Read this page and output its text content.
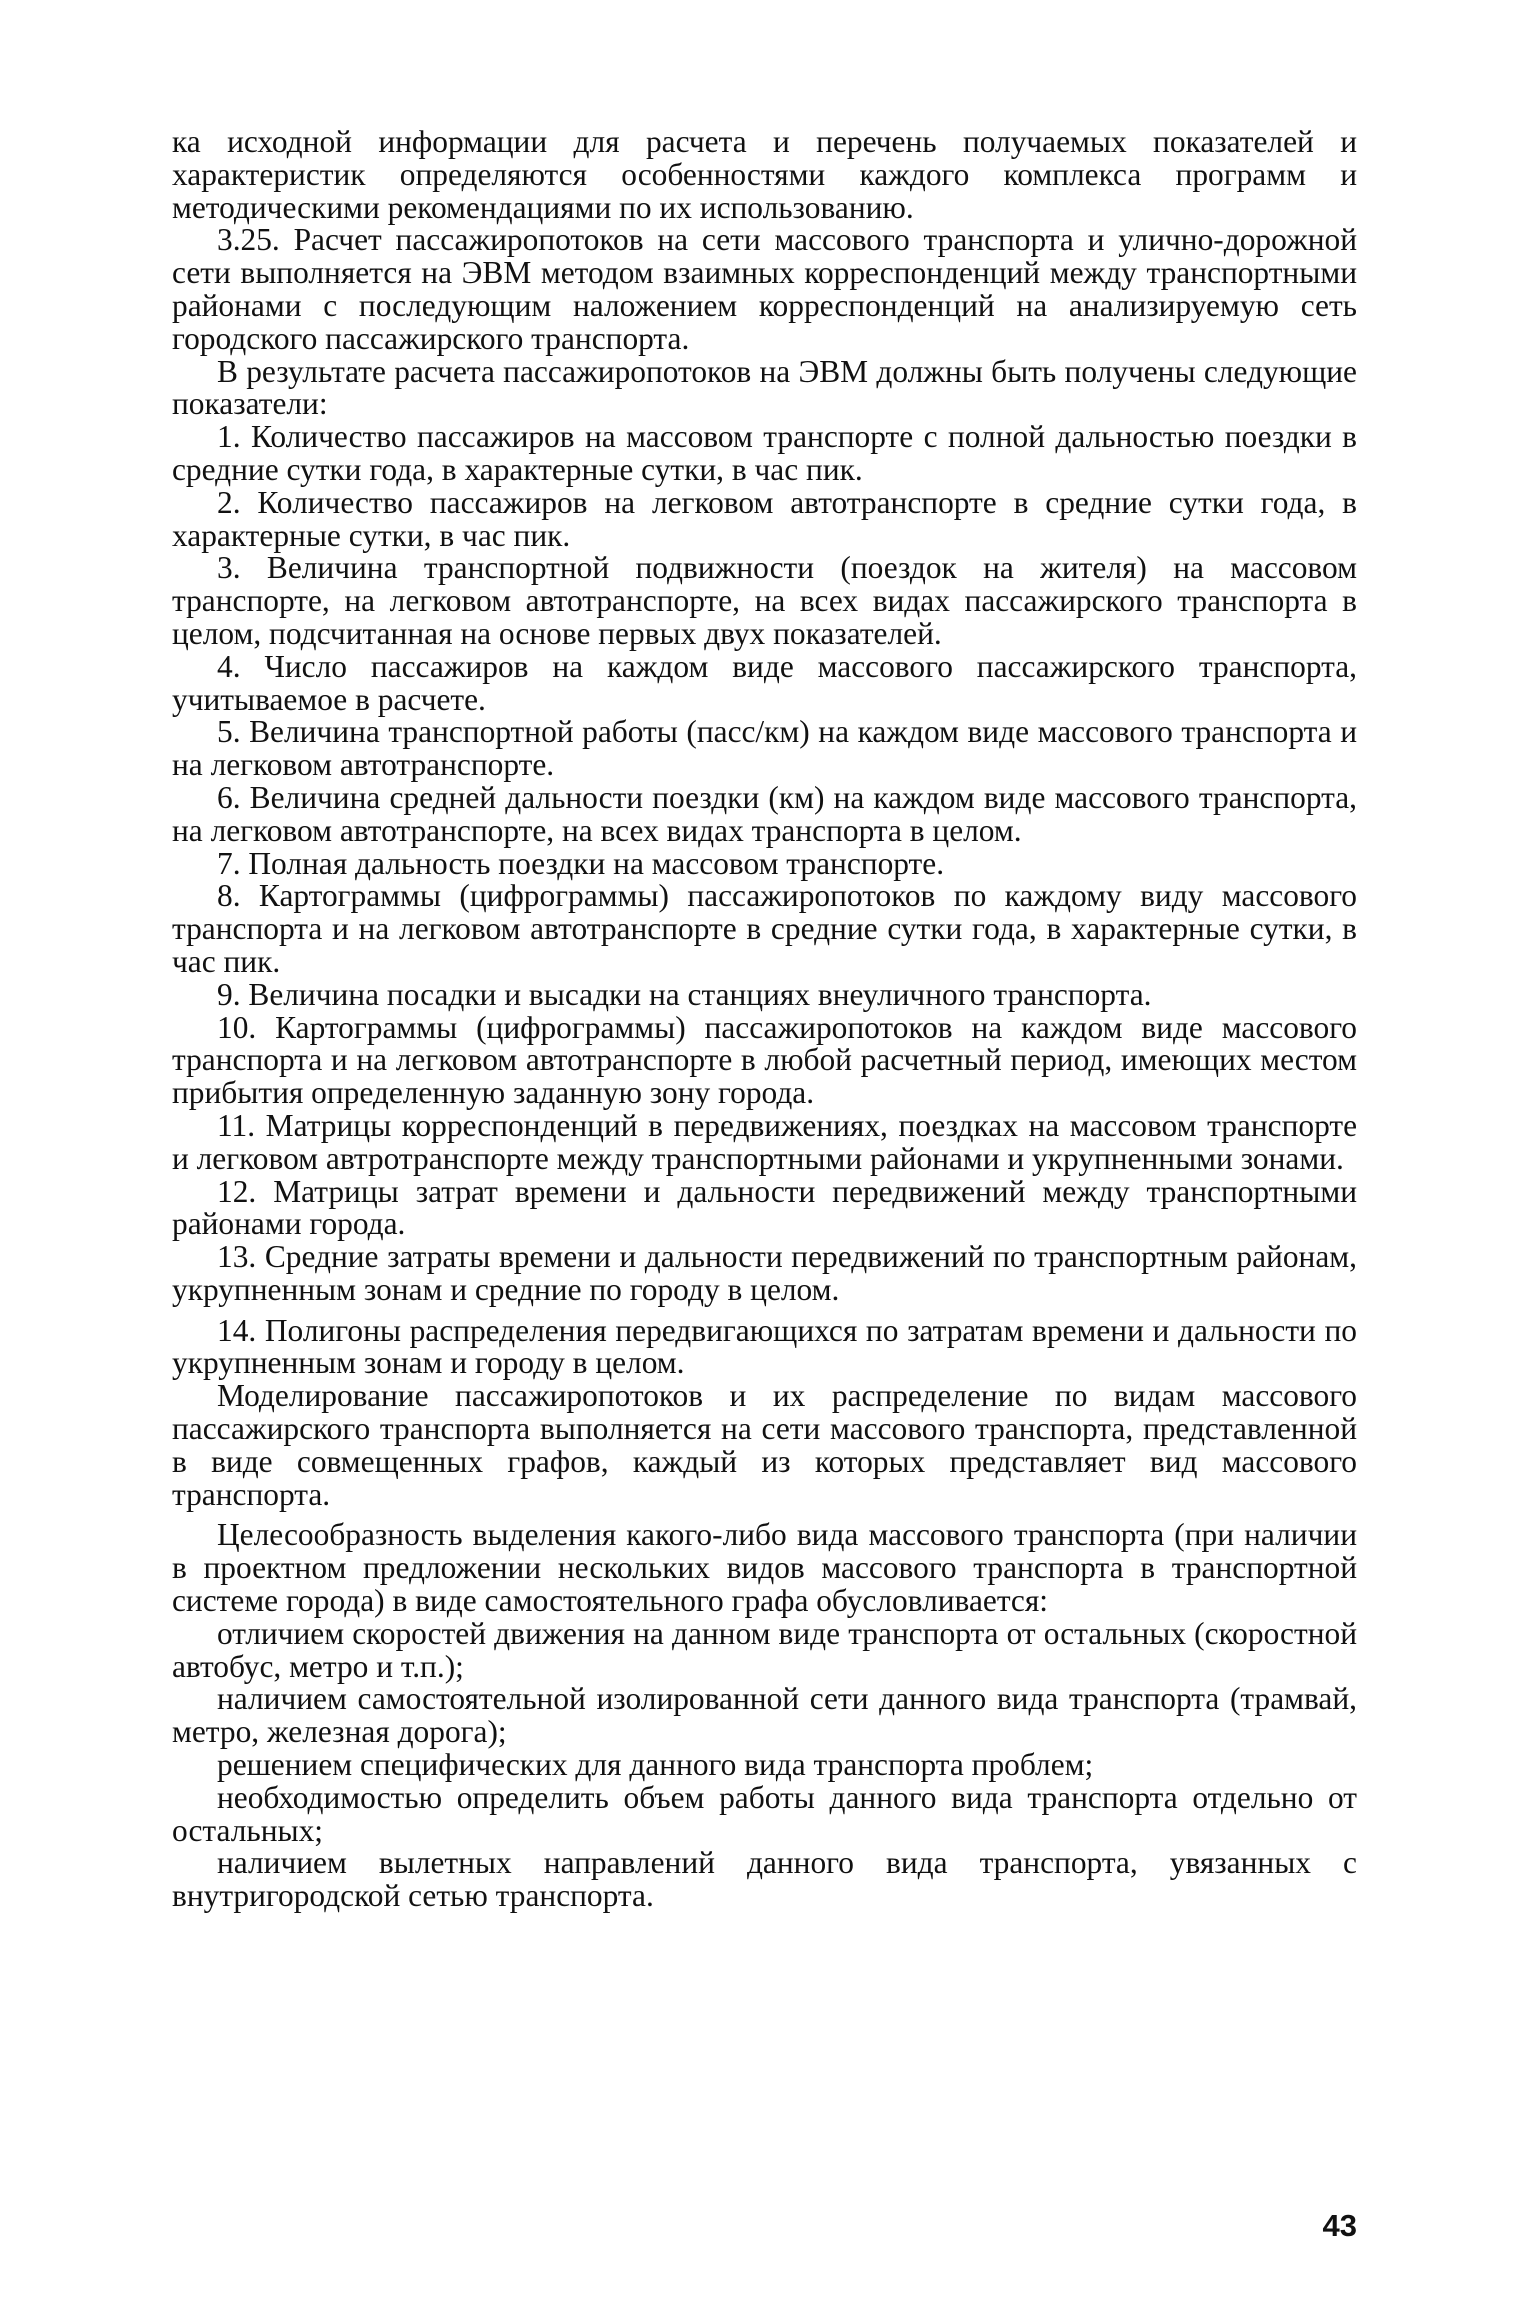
ка исходной информации для расчета и перечень получаемых показателей и характеристик определяются особенностями каждого комплекса программ и методическими рекомендациями по их использованию.

3.25. Расчет пассажиропотоков на сети массового транспорта и улично-дорожной сети выполняется на ЭВМ методом взаимных корреспонденций между транспортными районами с последующим наложением корреспонденций на анализируемую сеть городского пассажирского транспорта.

В результате расчета пассажиропотоков на ЭВМ должны быть получены следующие показатели:

1. Количество пассажиров на массовом транспорте с полной дальностью поездки в средние сутки года, в характерные сутки, в час пик.

2. Количество пассажиров на легковом автотранспорте в средние сутки года, в характерные сутки, в час пик.

3. Величина транспортной подвижности (поездок на жителя) на массовом транспорте, на легковом автотранспорте, на всех видах пассажирского транспорта в целом, подсчитанная на основе первых двух показателей.

4. Число пассажиров на каждом виде массового пассажирского транспорта, учитываемое в расчете.

5. Величина транспортной работы (пасс/км) на каждом виде массового транспорта и на легковом автотранспорте.

6. Величина средней дальности поездки (км) на каждом виде массового транспорта, на легковом автотранспорте, на всех видах транспорта в целом.

7. Полная дальность поездки на массовом транспорте.

8. Картограммы (цифрограммы) пассажиропотоков по каждому виду массового транспорта и на легковом автотранспорте в средние сутки года, в характерные сутки, в час пик.

9. Величина посадки и высадки на станциях внеуличного транспорта.

10. Картограммы (цифрограммы) пассажиропотоков на каждом виде массового транспорта и на легковом автотранспорте в любой расчетный период, имеющих местом прибытия определенную заданную зону города.

11. Матрицы корреспонденций в передвижениях, поездках на массовом транспорте и легковом автротранспорте между транспортными районами и укрупненными зонами.

12. Матрицы затрат времени и дальности передвижений между транспортными районами города.

13. Средние затраты времени и дальности передвижений по транспортным районам, укрупненным зонам и средние по городу в целом.

14. Полигоны распределения передвигающихся по затратам времени и дальности по укрупненным зонам и городу в целом.

Моделирование пассажиропотоков и их распределение по видам массового пассажирского транспорта выполняется на сети массового транспорта, представленной в виде совмещенных графов, каждый из которых представляет вид массового транспорта.

Целесообразность выделения какого-либо вида массового транспорта (при наличии в проектном предложении нескольких видов массового транспорта в транспортной системе города) в виде самостоятельного графа обусловливается:

отличием скоростей движения на данном виде транспорта от остальных (скоростной автобус, метро и т.п.);

наличием самостоятельной изолированной сети данного вида транспорта (трамвай, метро, железная дорога);

решением специфических для данного вида транспорта проблем;

необходимостью определить объем работы данного вида транспорта отдельно от остальных;

наличием вылетных направлений данного вида транспорта, увязанных с внутригородской сетью транспорта.

43
